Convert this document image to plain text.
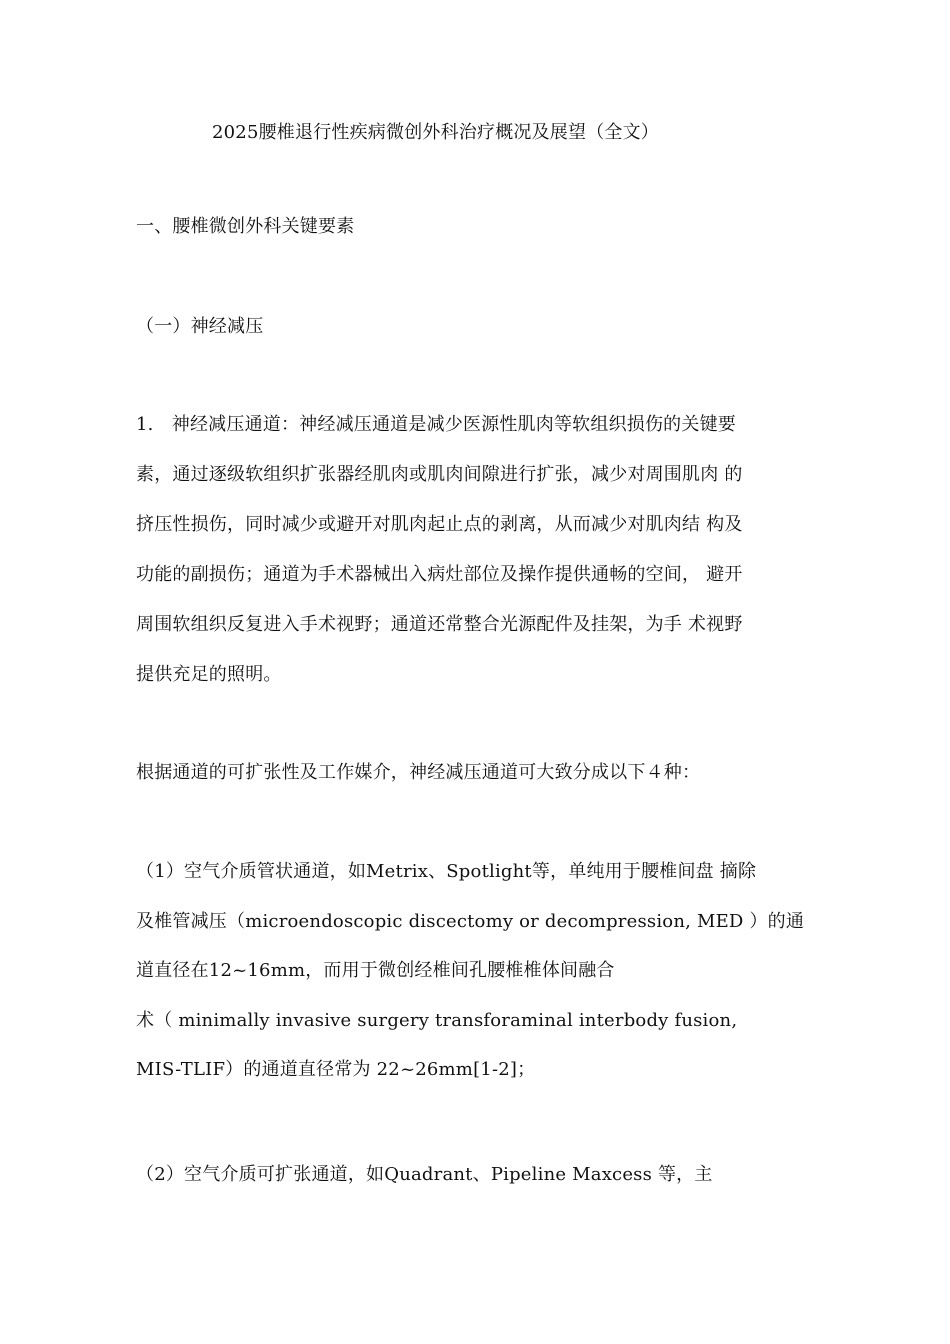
2025腰椎退行性疾病微创外科治疗概况及展望（全文）
一、腰椎微创外科关键要素
（一）神经减压
1.　神经减压通道：神经减压通道是减少医源性肌肉等软组织损伤的关键要
素，通过逐级软组织扩张器经肌肉或肌肉间隙进行扩张，减少对周围肌肉 的
挤压性损伤，同时减少或避开对肌肉起止点的剥离，从而减少对肌肉结 构及
功能的副损伤；通道为手术器械出入病灶部位及操作提供通畅的空间， 避开
周围软组织反复进入手术视野；通道还常整合光源配件及挂架，为手 术视野
提供充足的照明。
根据通道的可扩张性及工作媒介，神经减压通道可大致分成以下４种：
（1）空气介质管状通道，如Metrix、Spotlight等，单纯用于腰椎间盘 摘除
及椎管减压（microendoscopic discectomy or decompression, MED ）的通
道直径在12~16mm，而用于微创经椎间孔腰椎椎体间融合
术（ minimally invasive surgery transforaminal interbody fusion,
MIS-TLIF）的通道直径常为 22~26mm[1-2]；
（2）空气介质可扩张通道，如Quadrant、Pipeline Maxcess 等，主
